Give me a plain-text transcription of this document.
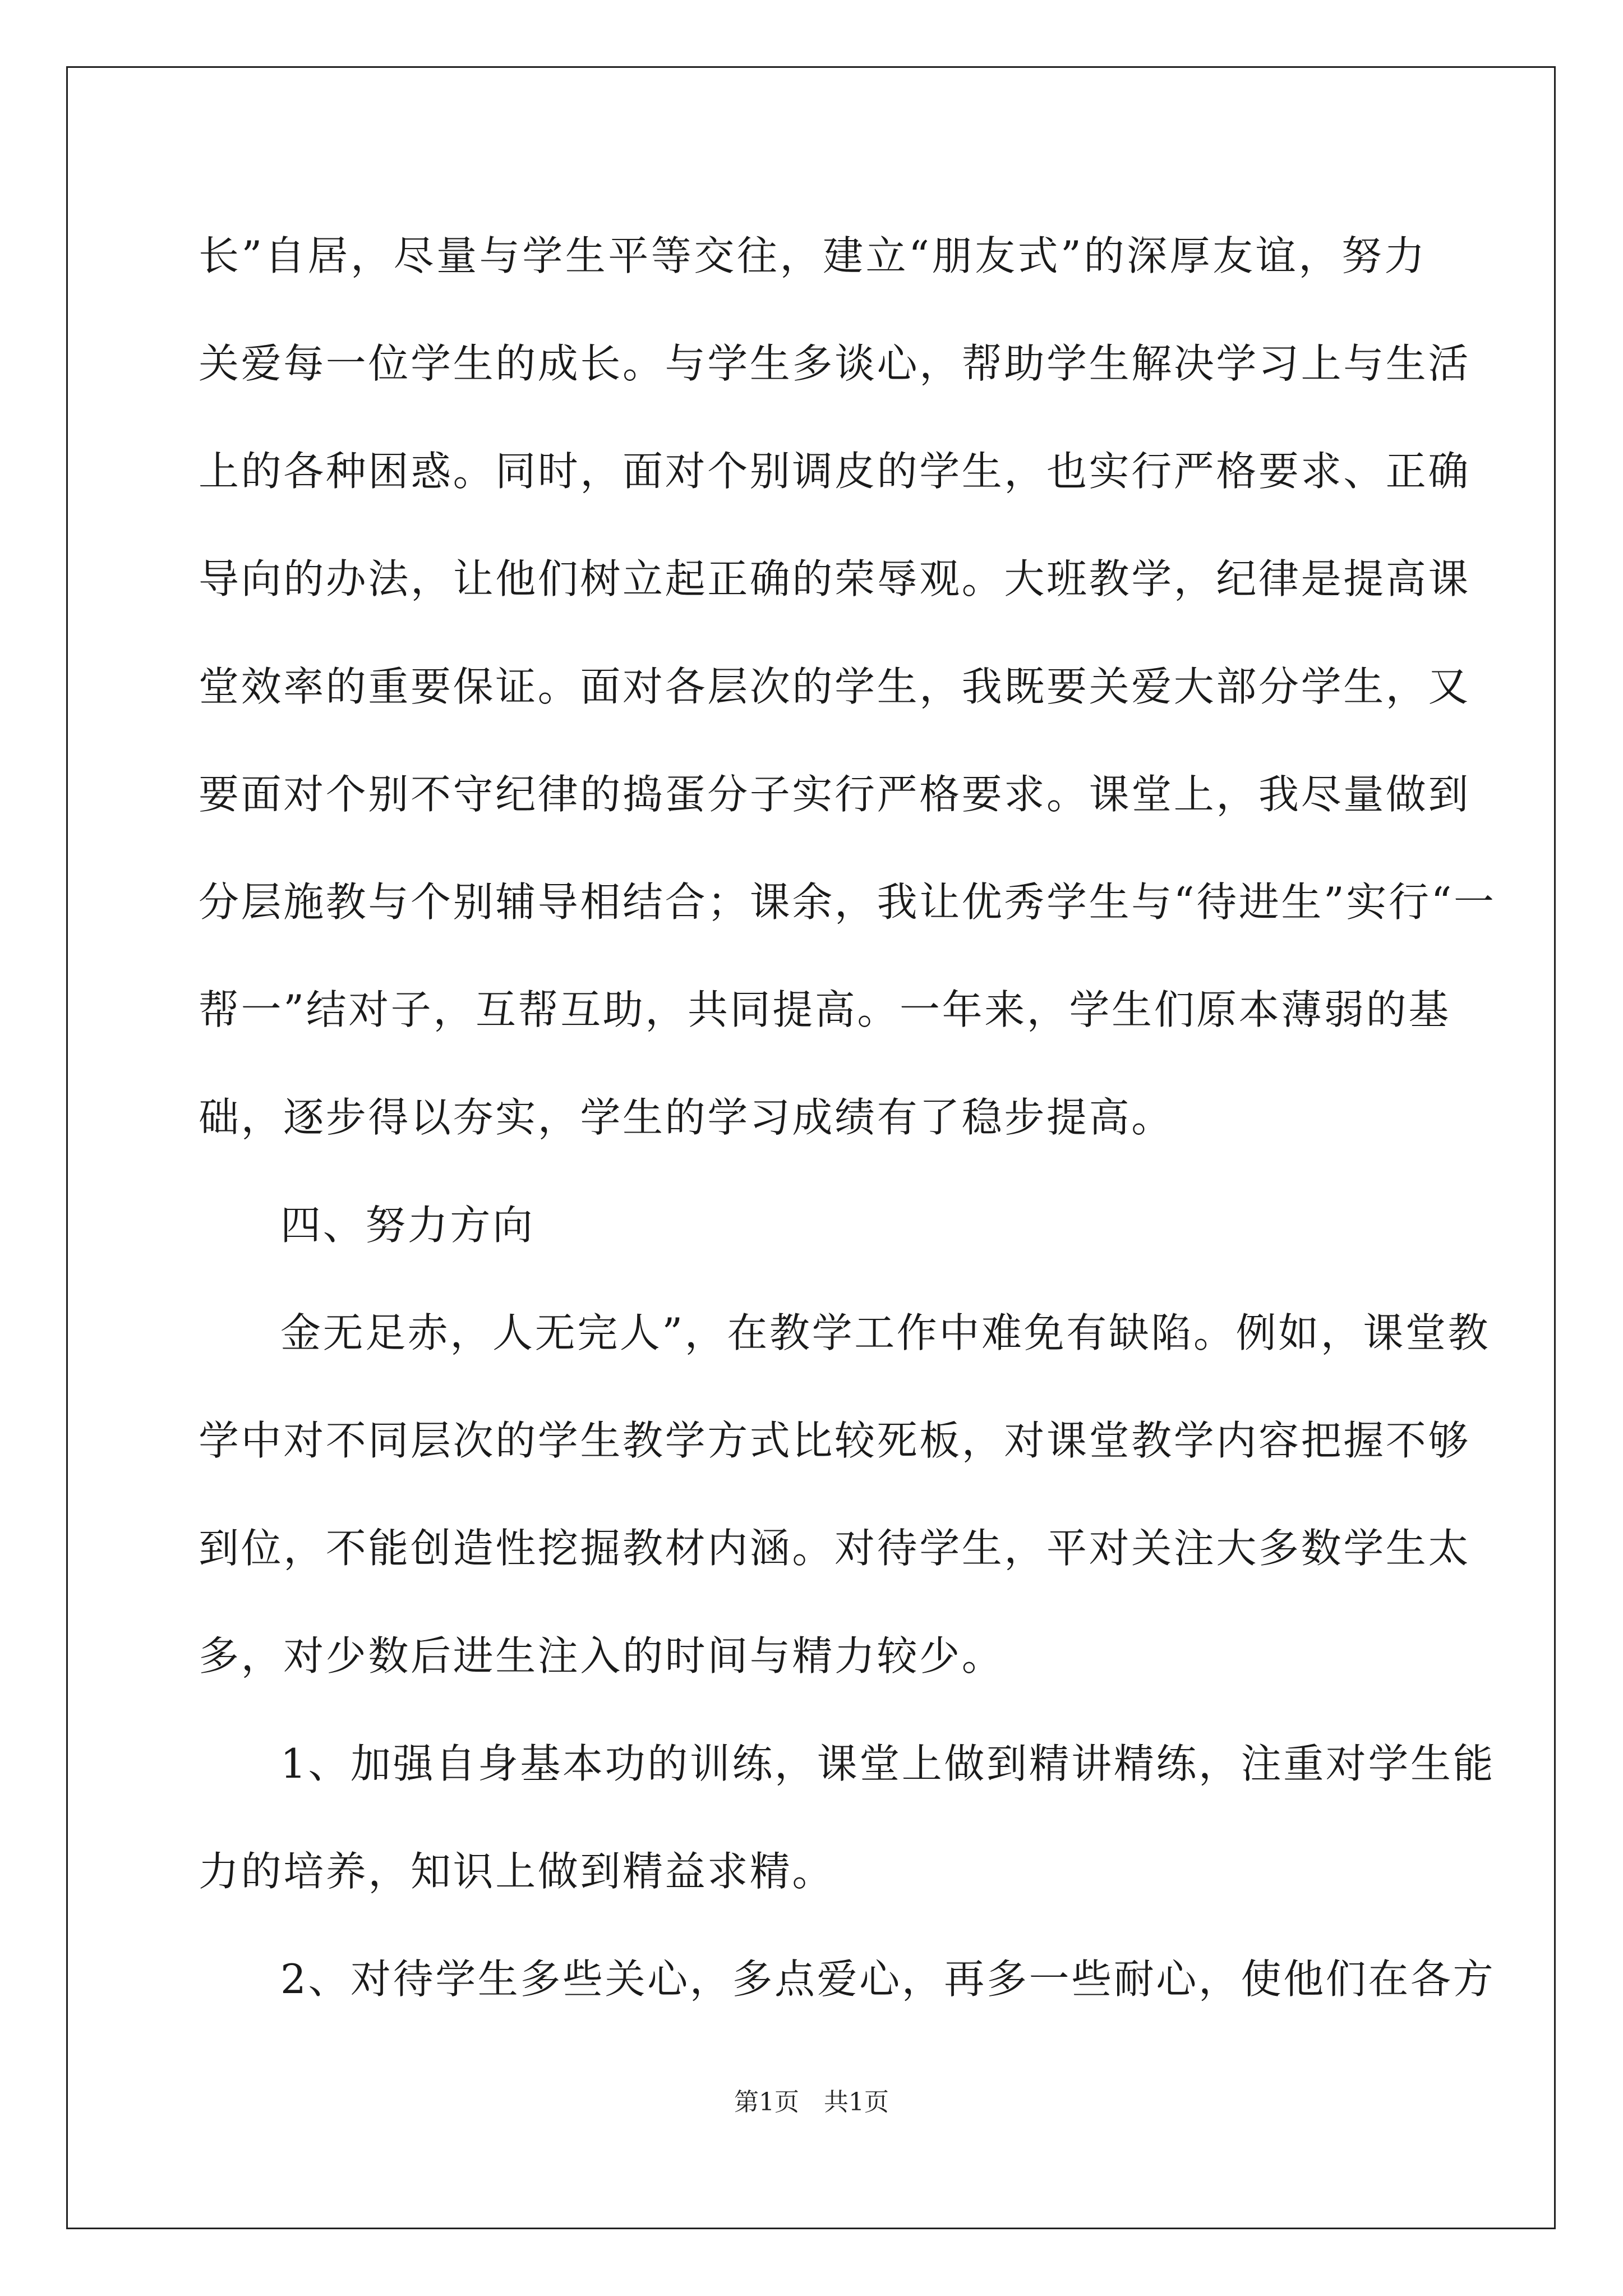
长”自居，尽量与学生平等交往，建立“朋友式”的深厚友谊，努力
关爱每一位学生的成长。与学生多谈心，帮助学生解决学习上与生活
上的各种困惑。同时，面对个别调皮的学生，也实行严格要求、正确
导向的办法，让他们树立起正确的荣辱观。大班教学，纪律是提高课
堂效率的重要保证。面对各层次的学生，我既要关爱大部分学生，又
要面对个别不守纪律的捣蛋分子实行严格要求。课堂上，我尽量做到
分层施教与个别辅导相结合；课余，我让优秀学生与“待进生”实行“一
帮一”结对子，互帮互助，共同提高。一年来，学生们原本薄弱的基
础，逐步得以夯实，学生的学习成绩有了稳步提高。
四、努力方向
金无足赤，人无完人”，在教学工作中难免有缺陷。例如，课堂教
学中对不同层次的学生教学方式比较死板，对课堂教学内容把握不够
到位，不能创造性挖掘教材内涵。对待学生，平对关注大多数学生太
多，对少数后进生注入的时间与精力较少。
1、加强自身基本功的训练，课堂上做到精讲精练，注重对学生能
力的培养，知识上做到精益求精。
2、对待学生多些关心，多点爱心，再多一些耐心，使他们在各方
第1页 共1页
